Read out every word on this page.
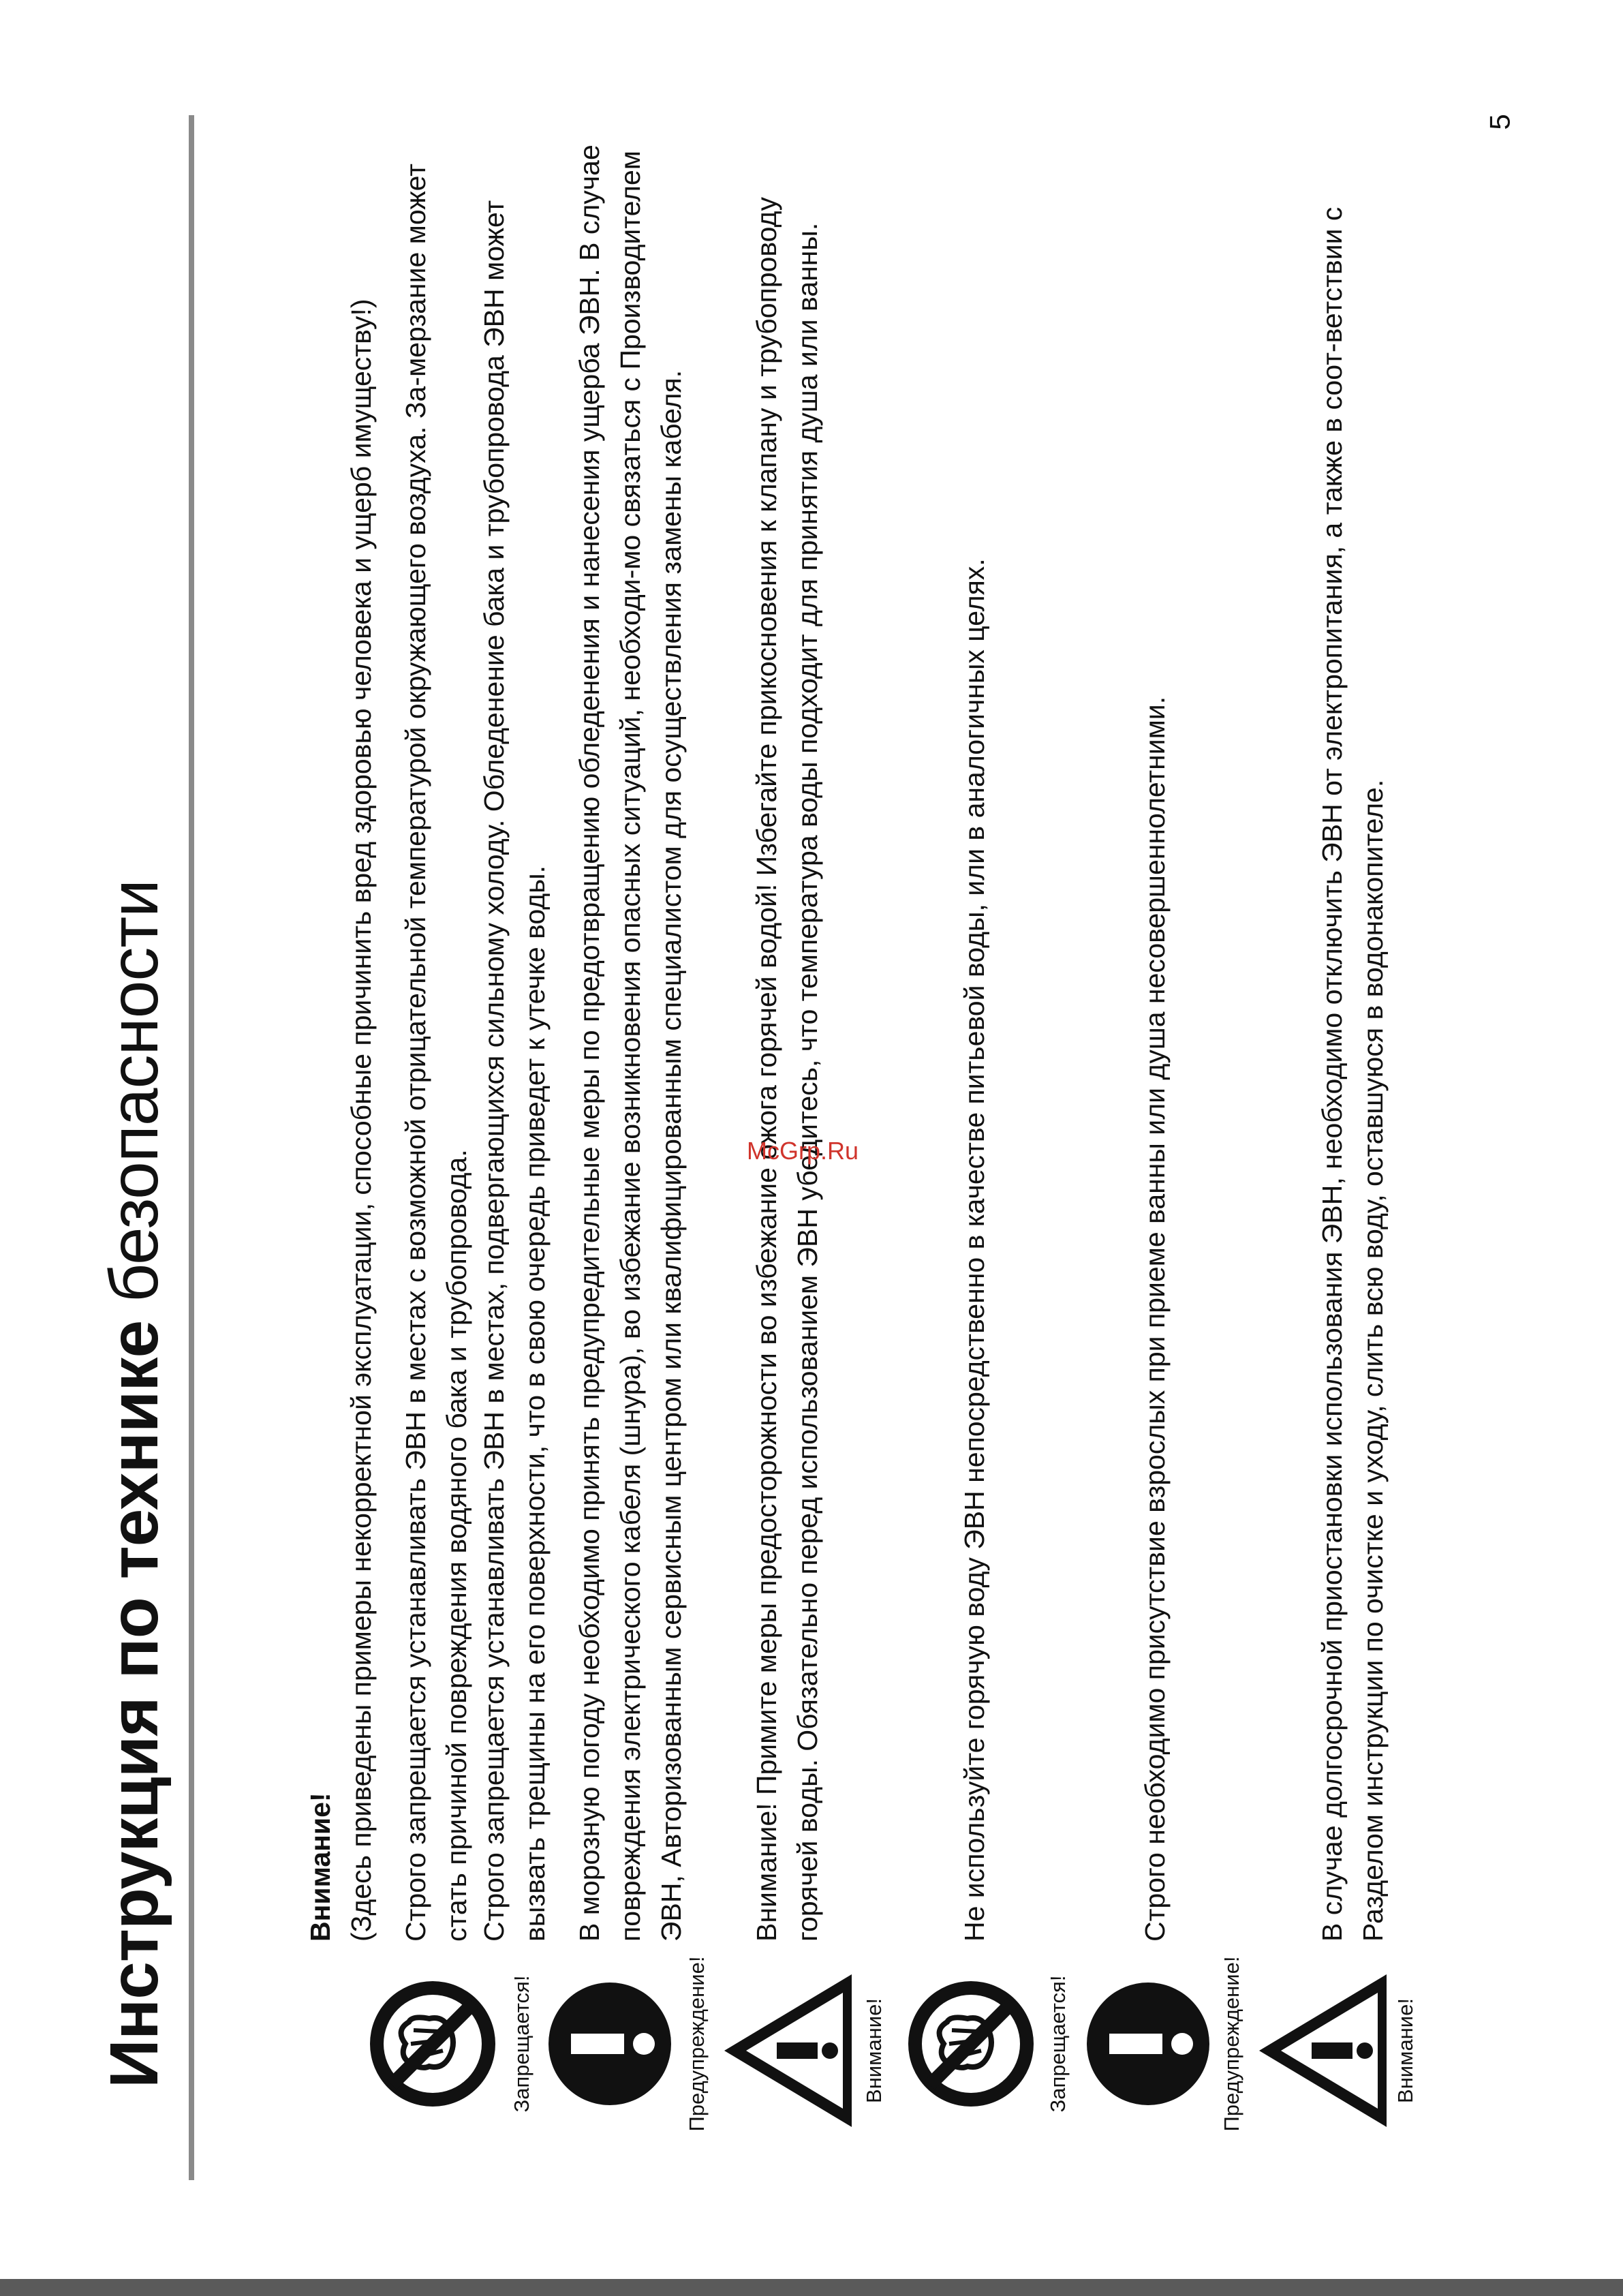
Инструкция по технике безопасности
Запрещается!	Предупреждение!	Внимание!	Запрещается!	Предупреждение!	Внимание!

Внимание! (Здесь приведены примеры некорректной эксплуатации, способные причинить вред здоровью человека и ущерб имуществу!) Строго запрещается устанавливать ЭВН в местах с возможной отрицательной температурой окружающего воздуха. За-мерзание может стать причиной повреждения водяного бака и трубопровода. Строго запрещается устанавливать ЭВН в местах, подвергающихся сильному холоду. Обледенение бака и трубопровода ЭВН может вызвать трещины на его поверхности, что в свою очередь приведет к утечке воды. В морозную погоду необходимо принять предупредительные меры по предотвращению обледенения и нанесения ущерба ЭВН. В случае повреждения электрического кабеля (шнура), во избежание возникновения опасных ситуаций, необходи-мо связаться с Производителем ЭВН, Авторизованным сервисным центром или квалифицированным специалистом для осуществления замены кабеля. Внимание! Примите меры предосторожности во избежание ожога горячей водой! Избегайте прикосновения к клапану и трубопроводу горячей воды. Обязательно перед использованием ЭВН убедитесь, что температура воды подходит для принятия душа или ванны.	Не используйте горячую воду ЭВН непосредственно в качестве питьевой воды, или в аналогичных целях.	Строго необходимо присутствие взрослых при приеме ванны или душа несовершеннолетними.	В случае долгосрочной приостановки использования ЭВН, необходимо отключить ЭВН от электропитания, а также в соот-ветствии с Разделом инструкции по очистке и уходу, слить всю воду, оставшуюся в водонакопителе.

McGrp.Ru
5
